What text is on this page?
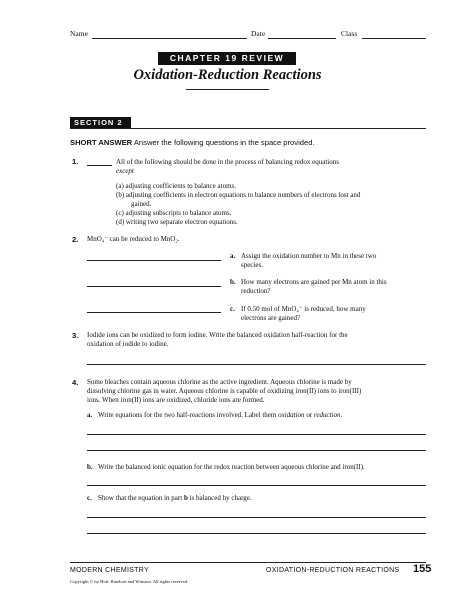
Name	Date	Class
CHAPTER 19 REVIEW
Oxidation-Reduction Reactions
SECTION 2
SHORT ANSWER Answer the following questions in the space provided.
1.	All of the following should be done in the process of balancing redox equations
except
(a) adjusting coefficients to balance atoms.
(b) adjusting coefficients in electron equations to balance numbers of electrons lost and
gained.
(c) adjusting subscripts to balance atoms.
(d) writing two separate electron equations.
2. MnO₄⁻ can be reduced to MnO₂.
a. Assign the oxidation number to Mn in these two
species.
b. How many electrons are gained per Mn atom in this
reduction?
c. If 0.50 mol of MnO₄⁻ is reduced, how many
electrons are gained?
3. Iodide ions can be oxidized to form iodine. Write the balanced oxidation half-reaction for the
oxidation of iodide to iodine.
4. Some bleaches contain aqueous chlorine as the active ingredient. Aqueous chlorine is made by
dissolving chlorine gas in water. Aqueous chlorine is capable of oxidizing iron(II) ions to iron(III)
ions. When iron(II) ions are oxidized, chloride ions are formed.
a. Write equations for the two half-reactions involved. Label them oxidation or reduction.
b. Write the balanced ionic equation for the redox reaction between aqueous chlorine and iron(II).
c. Show that the equation in part b is balanced by charge.
MODERN CHEMISTRY	OXIDATION-REDUCTION REACTIONS 155
Copyright © by Holt, Rinehart and Winston. All rights reserved.
